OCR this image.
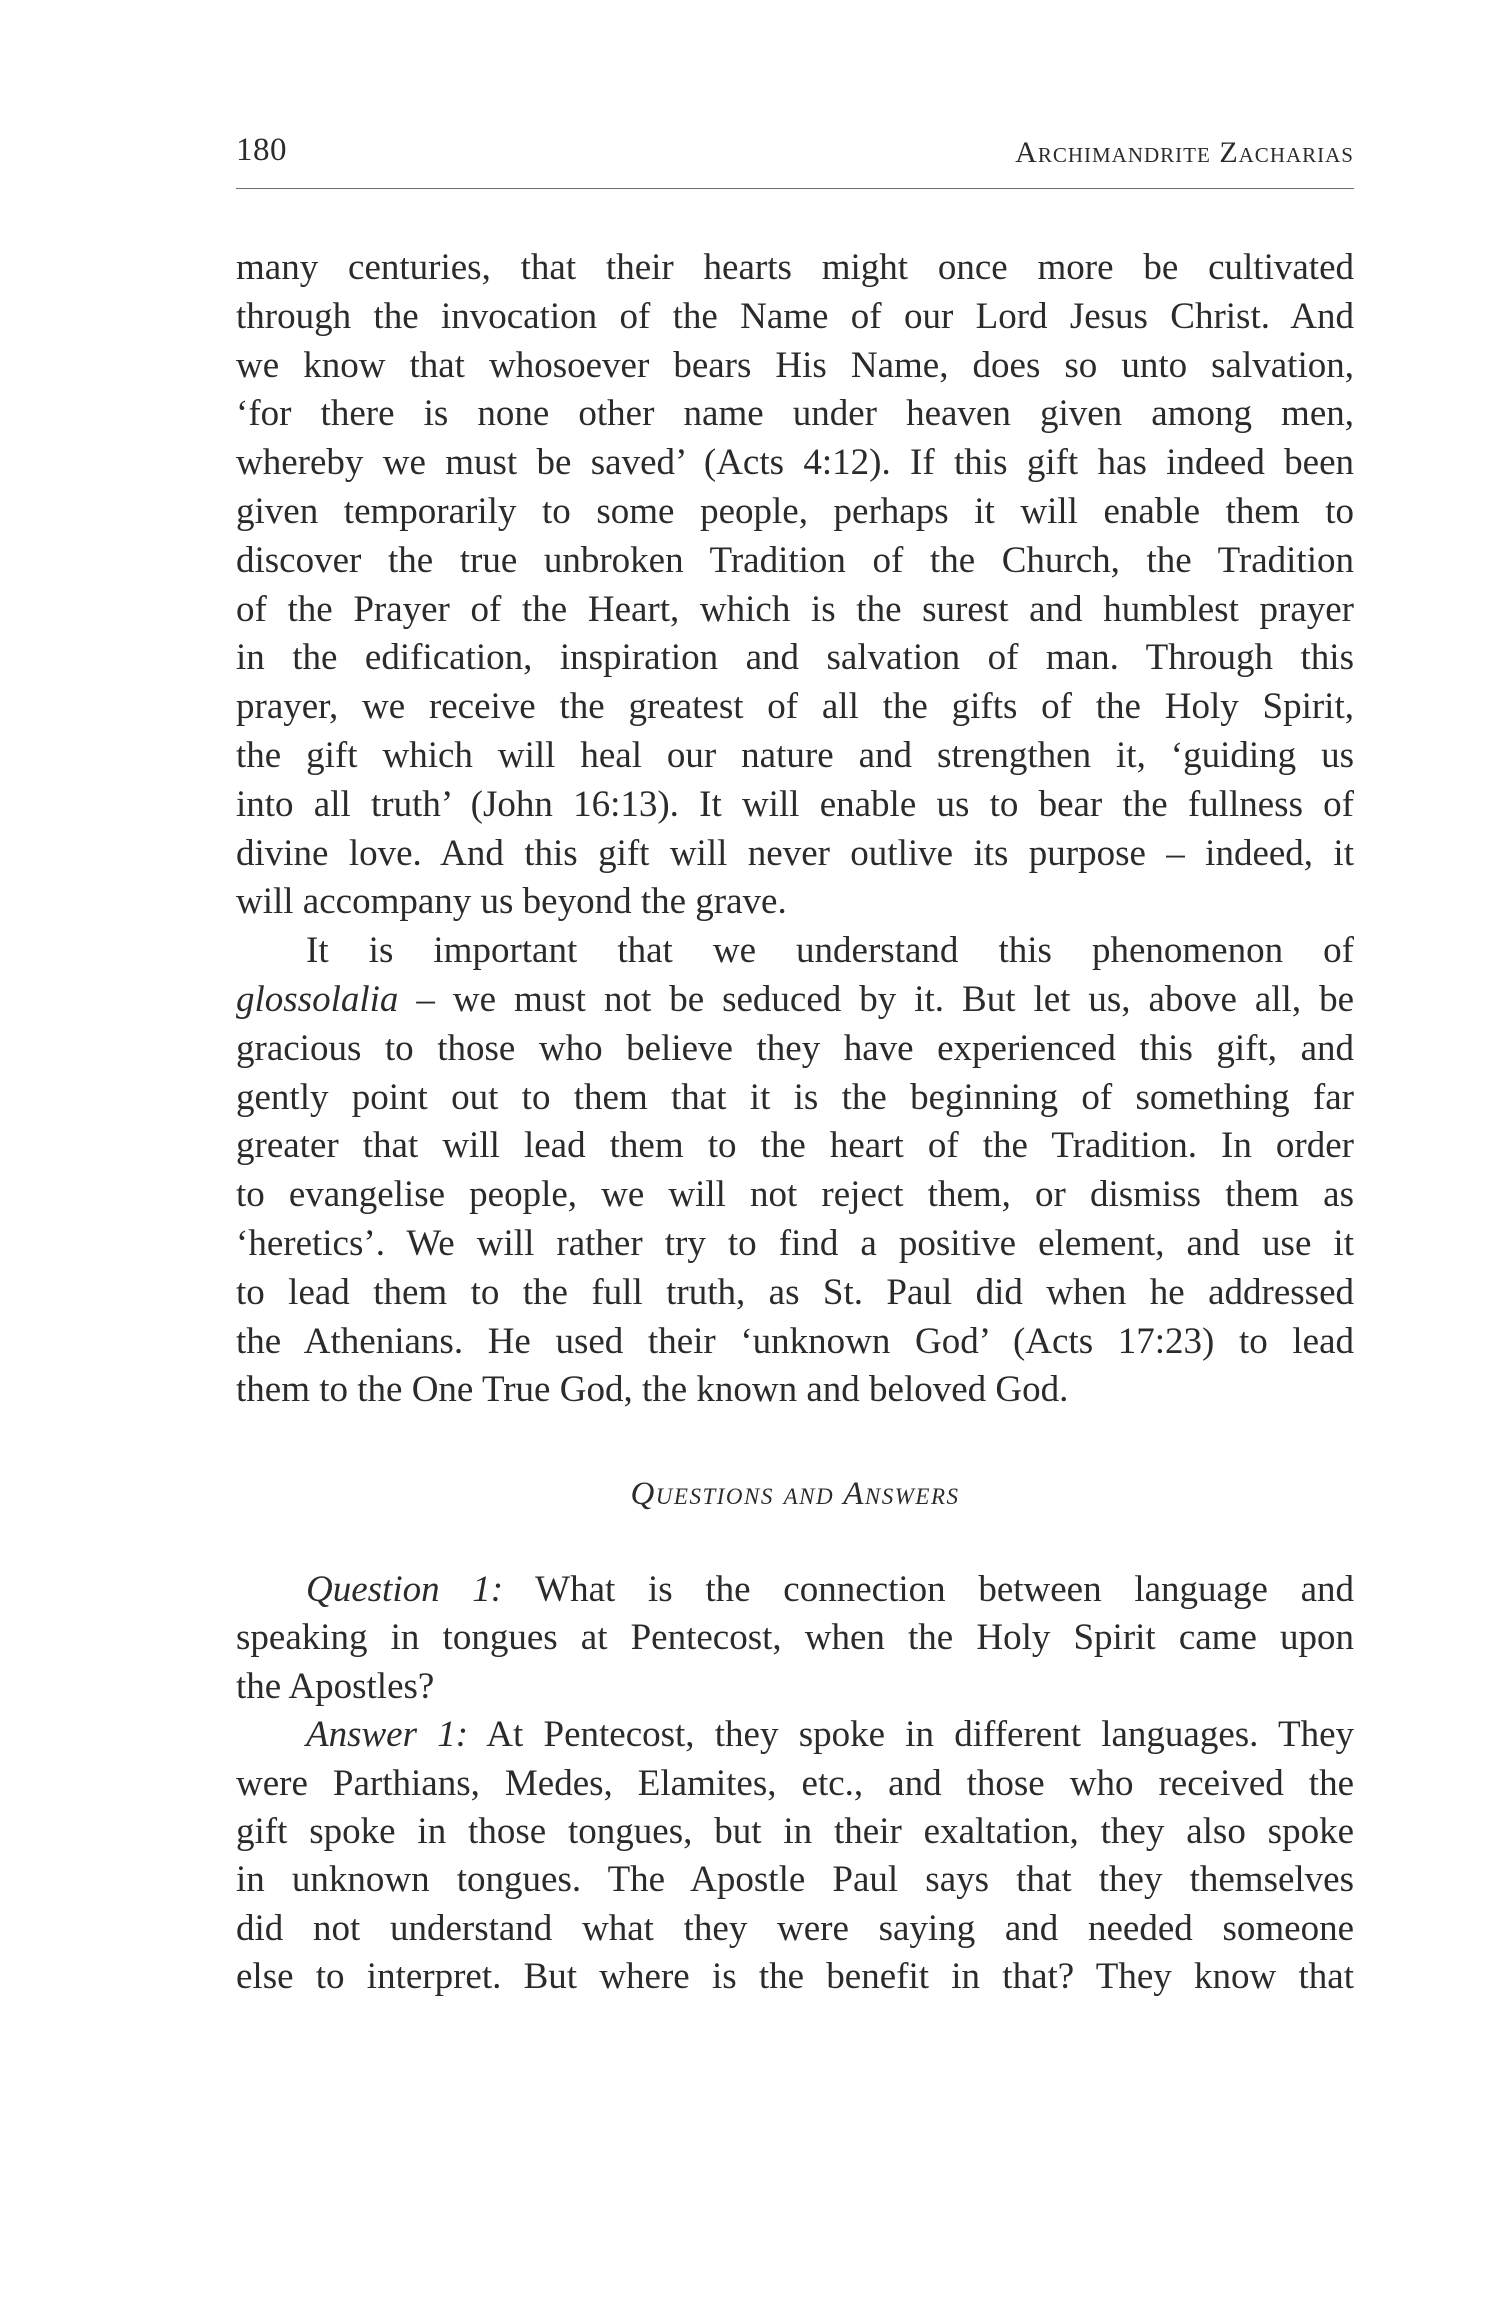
180	Archimandrite Zacharias
many centuries, that their hearts might once more be cultivated
through the invocation of the Name of our Lord Jesus Christ. And
we know that whosoever bears His Name, does so unto salvation,
‘for there is none other name under heaven given among men,
whereby we must be saved’ (Acts 4:12). If this gift has indeed been
given temporarily to some people, perhaps it will enable them to
discover the true unbroken Tradition of the Church, the Tradition
of the Prayer of the Heart, which is the surest and humblest prayer
in the edification, inspiration and salvation of man. Through this
prayer, we receive the greatest of all the gifts of the Holy Spirit,
the gift which will heal our nature and strengthen it, ‘guiding us
into all truth’ (John 16:13). It will enable us to bear the fullness of
divine love. And this gift will never outlive its purpose – indeed, it
will accompany us beyond the grave.
It is important that we understand this phenomenon of
glossolalia – we must not be seduced by it. But let us, above all, be
gracious to those who believe they have experienced this gift, and
gently point out to them that it is the beginning of something far
greater that will lead them to the heart of the Tradition. In order
to evangelise people, we will not reject them, or dismiss them as
‘heretics’. We will rather try to find a positive element, and use it
to lead them to the full truth, as St. Paul did when he addressed
the Athenians. He used their ‘unknown God’ (Acts 17:23) to lead
them to the One True God, the known and beloved God.
Questions and Answers
Question 1: What is the connection between language and
speaking in tongues at Pentecost, when the Holy Spirit came upon
the Apostles?
Answer 1: At Pentecost, they spoke in different languages. They
were Parthians, Medes, Elamites, etc., and those who received the
gift spoke in those tongues, but in their exaltation, they also spoke
in unknown tongues. The Apostle Paul says that they themselves
did not understand what they were saying and needed someone
else to interpret. But where is the benefit in that? They know that
